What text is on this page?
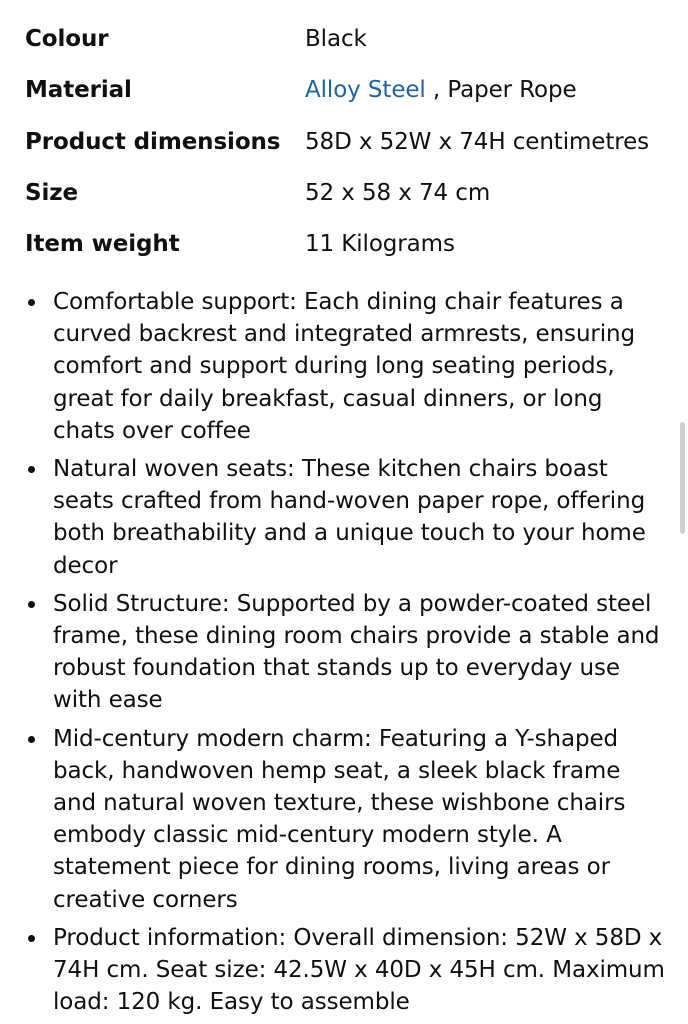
Colour	Black
Material	Alloy Steel , Paper Rope
Product dimensions	58D x 52W x 74H centimetres
Size	52 x 58 x 74 cm
Item weight	11 Kilograms
Comfortable support: Each dining chair features a curved backrest and integrated armrests, ensuring comfort and support during long seating periods, great for daily breakfast, casual dinners, or long chats over coffee
Natural woven seats: These kitchen chairs boast seats crafted from hand-woven paper rope, offering both breathability and a unique touch to your home decor
Solid Structure: Supported by a powder-coated steel frame, these dining room chairs provide a stable and robust foundation that stands up to everyday use with ease
Mid-century modern charm: Featuring a Y-shaped back, handwoven hemp seat, a sleek black frame and natural woven texture, these wishbone chairs embody classic mid-century modern style. A statement piece for dining rooms, living areas or creative corners
Product information: Overall dimension: 52W x 58D x 74H cm. Seat size: 42.5W x 40D x 45H cm. Maximum load: 120 kg. Easy to assemble
